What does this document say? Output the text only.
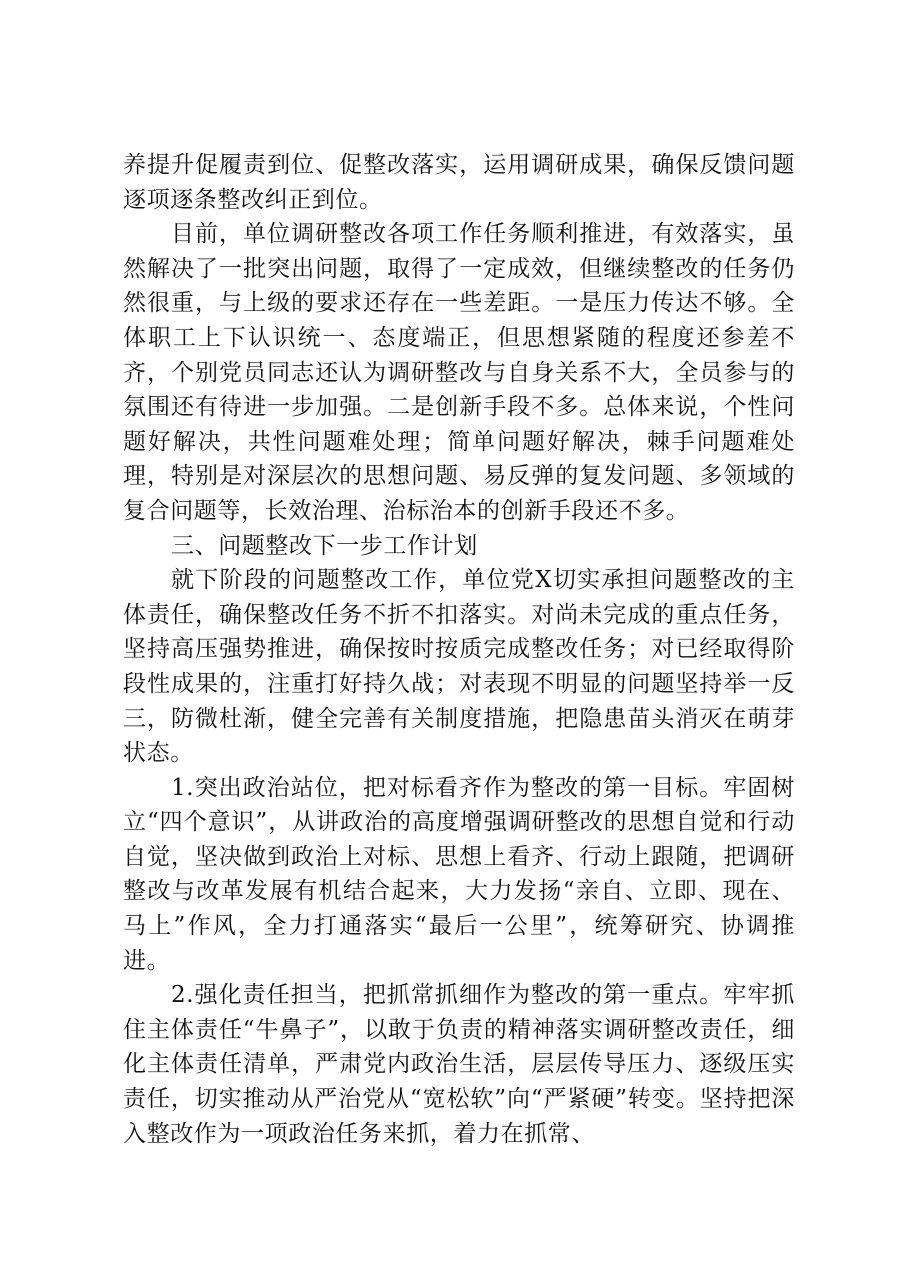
养提升促履责到位、促整改落实，运用调研成果，确保反馈问题逐项逐条整改纠正到位。

目前，单位调研整改各项工作任务顺利推进，有效落实，虽然解决了一批突出问题，取得了一定成效，但继续整改的任务仍然很重，与上级的要求还存在一些差距。一是压力传达不够。全体职工上下认识统一、态度端正，但思想紧随的程度还参差不齐，个别党员同志还认为调研整改与自身关系不大，全员参与的氛围还有待进一步加强。二是创新手段不多。总体来说，个性问题好解决，共性问题难处理；简单问题好解决，棘手问题难处理，特别是对深层次的思想问题、易反弹的复发问题、多领域的复合问题等，长效治理、治标治本的创新手段还不多。

三、问题整改下一步工作计划

就下阶段的问题整改工作，单位党X切实承担问题整改的主体责任，确保整改任务不折不扣落实。对尚未完成的重点任务，坚持高压强势推进，确保按时按质完成整改任务；对已经取得阶段性成果的，注重打好持久战；对表现不明显的问题坚持举一反三，防微杜渐，健全完善有关制度措施，把隐患苗头消灭在萌芽状态。

1.突出政治站位，把对标看齐作为整改的第一目标。牢固树立“四个意识”，从讲政治的高度增强调研整改的思想自觉和行动自觉，坚决做到政治上对标、思想上看齐、行动上跟随，把调研整改与改革发展有机结合起来，大力发扬“亲自、立即、现在、马上”作风，全力打通落实“最后一公里”，统筹研究、协调推进。

2.强化责任担当，把抓常抓细作为整改的第一重点。牢牢抓住主体责任“牛鼻子”，以敢于负责的精神落实调研整改责任，细化主体责任清单，严肃党内政治生活，层层传导压力、逐级压实责任，切实推动从严治党从“宽松软”向“严紧硬”转变。坚持把深入整改作为一项政治任务来抓，着力在抓常、
